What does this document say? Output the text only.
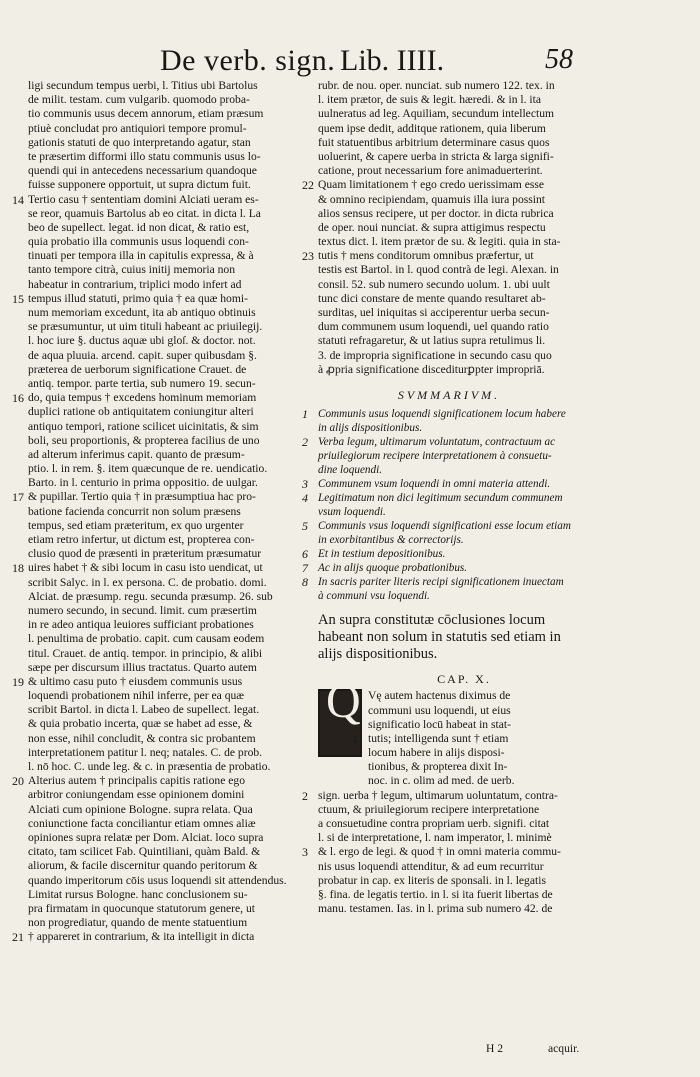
De verb. sign. Lib. IIII.	58
ligi secundum tempus uerbi, l. Titius ubi Bartolus
de milit. testam. cum vulgarib. quomodo proba-
tio communis usus decem annorum, etiam præsum
ptiuè concludat pro antiquiori tempore promul-
gationis statuti de quo interpretando agatur, stan
te præsertim difformi illo statu communis usus lo-
quendi qui in antecedens necessarium quandoque
fuisse supponere opportuit, ut supra dictum fuit.
14 Tertio casu † sententiam domini Alciati ueram es-
se reor, quamuis Bartolus ab eo citat. in dicta l. La
beo de supellect. legat. id non dicat, & ratio est,
quia probatio illa communis usus loquendi con-
tinuati per tempora illa in capitulis expressa, & à
tanto tempore citrà, cuius initij memoria non
habeatur in contrarium, triplici modo infert ad
15 tempus illud statuti, primo quia † ea quæ homi-
num memoriam excedunt, ita ab antiquo obtinuis
se præsumuntur, ut uim tituli habeant ac priuilegij.
l. hoc iure §. ductus aquæ ubi gloſ. & doctor. not.
de aqua pluuia. arcend. capit. super quibusdam §.
præterea de uerborum significatione Crauet. de
antiq. tempor. parte tertia, sub numero 19. secun-
16 do, quia tempus † excedens hominum memoriam
duplici ratione ob antiquitatem coniungitur alteri
antiquo tempori, ratione scilicet uicinitatis, & sim
boli, seu proportionis, & propterea facilius de uno
ad alterum inferimus capit. quanto de præsum-
ptio. l. in rem. §. item quæcunque de re. uendicatio.
Barto. in l. centurio in prima oppositio. de uulgar.
17 & pupillar. Tertio quia † in præsumptiua hac pro-
batione facienda concurrit non solum præsens
tempus, sed etiam præteritum, ex quo urgenter
etiam retro infertur, ut dictum est, propterea con-
clusio quod de præsenti in præteritum præsumatur
18 uires habet † & sibi locum in casu isto uendicat, ut
scribit Salyc. in l. ex persona. C. de probatio. domi.
Alciat. de præsump. regu. secunda præsump. 26. sub
numero secundo, in secund. limit. cum præsertim
in re adeo antiqua leuiores sufficiant probationes
l. penultima de probatio. capit. cum causam eodem
titul. Crauet. de antiq. tempor. in principio, & alibi
sæpe per discursum illius tractatus. Quarto autem
19 & ultimo casu puto † eiusdem communis usus
loquendi probationem nihil inferre, per ea quæ
scribit Bartol. in dicta l. Labeo de supellect. legat.
& quia probatio incerta, quæ se habet ad esse, &
non esse, nihil concludit, & contra sic probantem
interpretationem patitur l. neq; natales. C. de prob.
l. nō hoc. C. unde leg. & c. in præsentia de probatio.
20 Alterius autem † principalis capitis ratione ego
arbitror coniungendam esse opinionem domini
Alciati cum opinione Bologne. supra relata. Qua
coniunctione facta conciliantur etiam omnes aliæ
opiniones supra relatæ per Dom. Alciat. loco supra
citato, tam scilicet Fab. Quintiliani, quàm Bald. &
aliorum, & facile discernitur quando peritorum &
quando imperitorum cōis usus loquendi sit attendendus.
Limitat rursus Bologne. hanc conclusionem su-
pra firmatam in quocunque statutorum genere, ut
non progrediatur, quando de mente statuentium
21 † appareret in contrarium, & ita intelligit in dicta
rubr. de nou. oper. nunciat. sub numero 122. tex. in
l. item prætor, de suis & legit. hæredi. & in l. ita
uulneratus ad leg. Aquiliam, secundum intellectum
quem ipse dedit, additque rationem, quia liberum
fuit statuentibus arbitrium determinare casus quos
uoluerint, & capere uerba in stricta & larga signifi-
catione, prout necessarium fore animaduerterint.
22 Quam limitationem † ego credo uerissimam esse
& omnino recipiendam, quamuis illa iura possint
alios sensus recipere, ut per doctor. in dicta rubrica
de oper. noui nunciat. & supra attigimus respectu
textus dict. l. item prætor de su. & legiti. quia in sta-
23 tutis † mens conditorum omnibus præfertur, ut
testis est Bartol. in l. quod contrà de legi. Alexan. in
consil. 52. sub numero secundo uolum. 1. ubi uult
tunc dici constare de mente quando resultaret ab-
surditas, uel iniquitas si acciperentur uerba secun-
dum communem usum loquendi, uel quando ratio
statuti refragaretur, & ut latius supra retulimus li.
3. de impropria significatione in secundo casu quo
à ꝓpria significatione discediturꝑpter impropriā.
SVMMARIVM.
1 Communis usus loquendi significationem locum habere
in alijs dispositionibus.
2 Verba legum, ultimarum voluntatum, contractuum ac
priuilegiorum recipere interpretationem à consuetu-
dine loquendi.
3 Communem vsum loquendi in omni materia attendi.
4 Legitimatum non dici legitimum secundum communem
vsum loquendi.
5 Communis vsus loquendi significationi esse locum etiam
in exorbitantibus & correctorijs.
6 Et in testium depositionibus.
7 Ac in alijs quoque probationibus.
8 In sacris pariter literis recipi significationem inuectam
à communi vsu loquendi.
An supra constitutæ cōclusiones locum
habeant non solum in statutis sed etiam in
alijs dispositionibus.
CAP. X.
Q Vę autem hactenus diximus de
communi usu loquendi, ut eius
significatio locū habeat in stat-
1 tutis; intelligenda sunt † etiam
locum habere in alijs disposi-
tionibus, & propterea dixit In-
noc. in c. olim ad med. de uerb.
2 sign. uerba † legum, ultimarum uoluntatum, contra-
ctuum, & priuilegiorum recipere interpretatione
a consuetudine contra propriam uerb. signifi. citat
l. si de interpretatione, l. nam imperator, l. minimè
3 & l. ergo de legi. & quod † in omni materia commu-
nis usus loquendi attenditur, & ad eum recurritur
probatur in cap. ex literis de sponsali. in l. legatis
§. fina. de legatis tertio. in l. si ita fuerit libertas de
manu. testamen. Ias. in l. prima sub numero 42. de
H 2	acquir.
